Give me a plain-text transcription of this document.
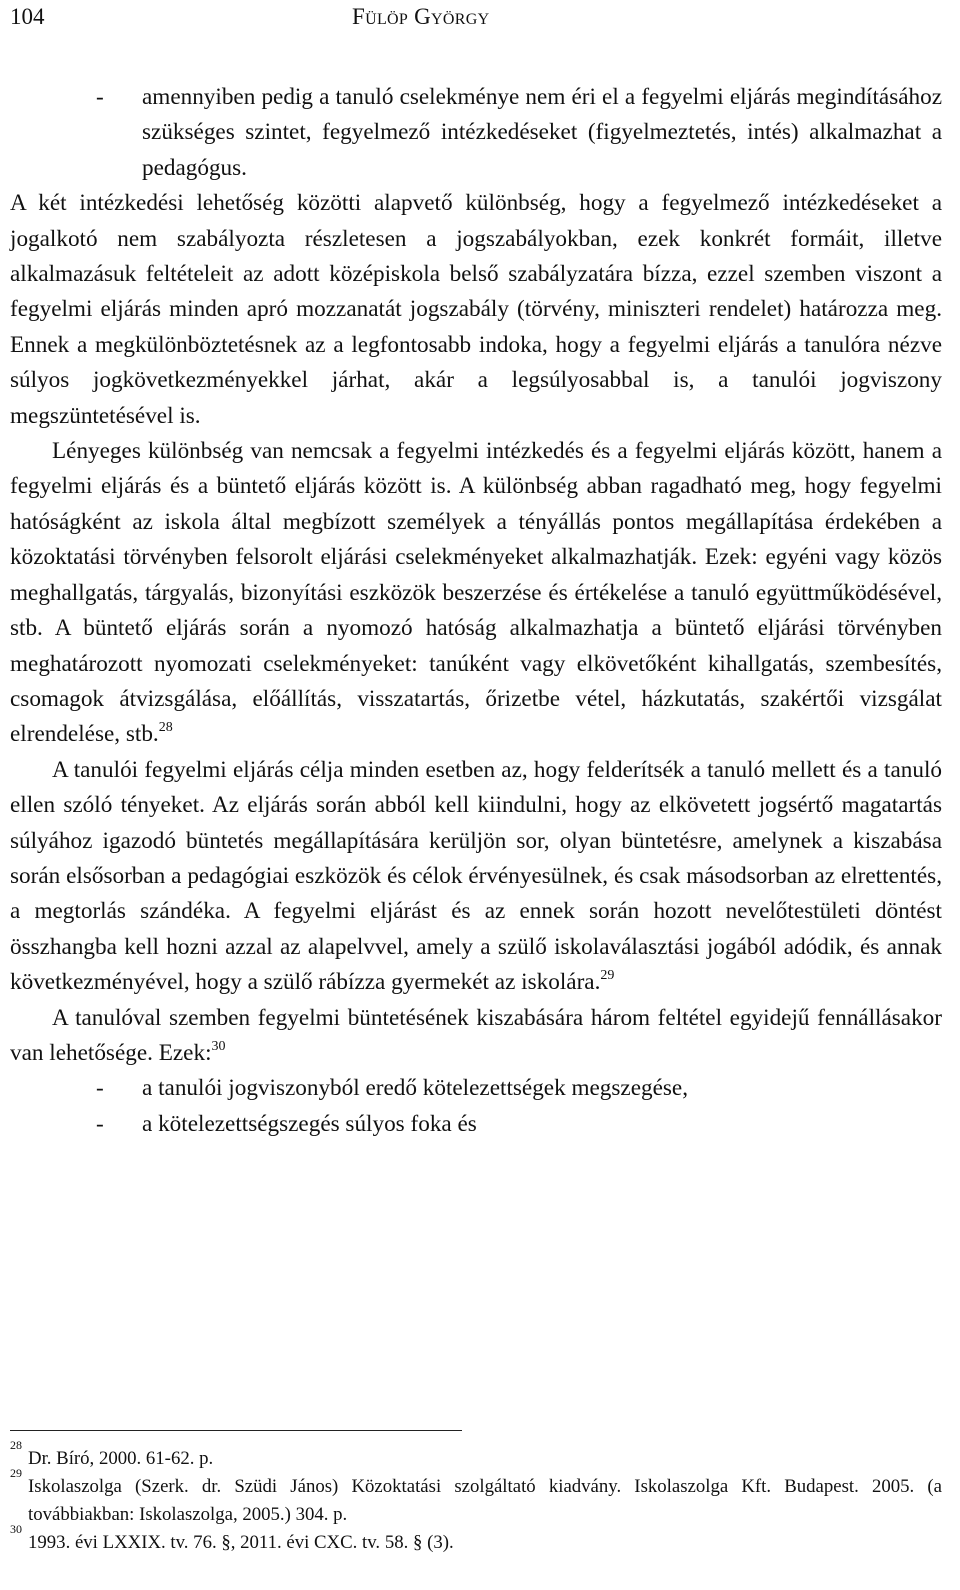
104	Fülöp György

- amennyiben pedig a tanuló cselekménye nem éri el a fegyelmi eljárás megindításához szükséges szintet, fegyelmező intézkedéseket (figyelmeztetés, intés) alkalmazhat a pedagógus.

A két intézkedési lehetőség közötti alapvető különbség, hogy a fegyelmező intézkedéseket a jogalkotó nem szabályozta részletesen a jogszabályokban, ezek konkrét formáit, illetve alkalmazásuk feltételeit az adott középiskola belső szabályzatára bízza, ezzel szemben viszont a fegyelmi eljárás minden apró mozzanatát jogszabály (törvény, miniszteri rendelet) határozza meg. Ennek a megkülönböztetésnek az a legfontosabb indoka, hogy a fegyelmi eljárás a tanulóra nézve súlyos jogkövetkezményekkel járhat, akár a legsúlyosabbal is, a tanulói jogviszony megszüntetésével is.

Lényeges különbség van nemcsak a fegyelmi intézkedés és a fegyelmi eljárás között, hanem a fegyelmi eljárás és a büntető eljárás között is. A különbség abban ragadható meg, hogy fegyelmi hatóságként az iskola által megbízott személyek a tényállás pontos megállapítása érdekében a közoktatási törvényben felsorolt eljárási cselekményeket alkalmazhatják. Ezek: egyéni vagy közös meghallgatás, tárgyalás, bizonyítási eszközök beszerzése és értékelése a tanuló együttműködésével, stb. A büntető eljárás során a nyomozó hatóság alkalmazhatja a büntető eljárási törvényben meghatározott nyomozati cselekményeket: tanúként vagy elkövetőként kihallgatás, szembesítés, csomagok átvizsgálása, előállítás, visszatartás, őrizetbe vétel, házkutatás, szakértői vizsgálat elrendelése, stb.$^{28}$

A tanulói fegyelmi eljárás célja minden esetben az, hogy felderítsék a tanuló mellett és a tanuló ellen szóló tényeket. Az eljárás során abból kell kiindulni, hogy az elkövetett jogsértő magatartás súlyához igazodó büntetés megállapítására kerüljön sor, olyan büntetésre, amelynek a kiszabása során elsősorban a pedagógiai eszközök és célok érvényesülnek, és csak másodsorban az elrettentés, a megtorlás szándéka. A fegyelmi eljárást és az ennek során hozott nevelőtestületi döntést összhangba kell hozni azzal az alapelvvel, amely a szülő iskolaválasztási jogából adódik, és annak következményével, hogy a szülő rábízza gyermekét az iskolára.$^{29}$

A tanulóval szemben fegyelmi büntetésének kiszabására három feltétel egyidejű fennállásakor van lehetősége. Ezek:$^{30}$

- a tanulói jogviszonyból eredő kötelezettségek megszegése,

- a kötelezettségszegés súlyos foka és

28
Dr. Bíró, 2000. 61-62. p.
29
Iskolaszolga (Szerk. dr. Szüdi János) Közoktatási szolgáltató kiadvány. Iskolaszolga Kft. Budapest. 2005. (a továbbiakban: Iskolaszolga, 2005.) 304. p.
30
1993. évi LXXIX. tv. 76. §, 2011. évi CXC. tv. 58. § (3).
